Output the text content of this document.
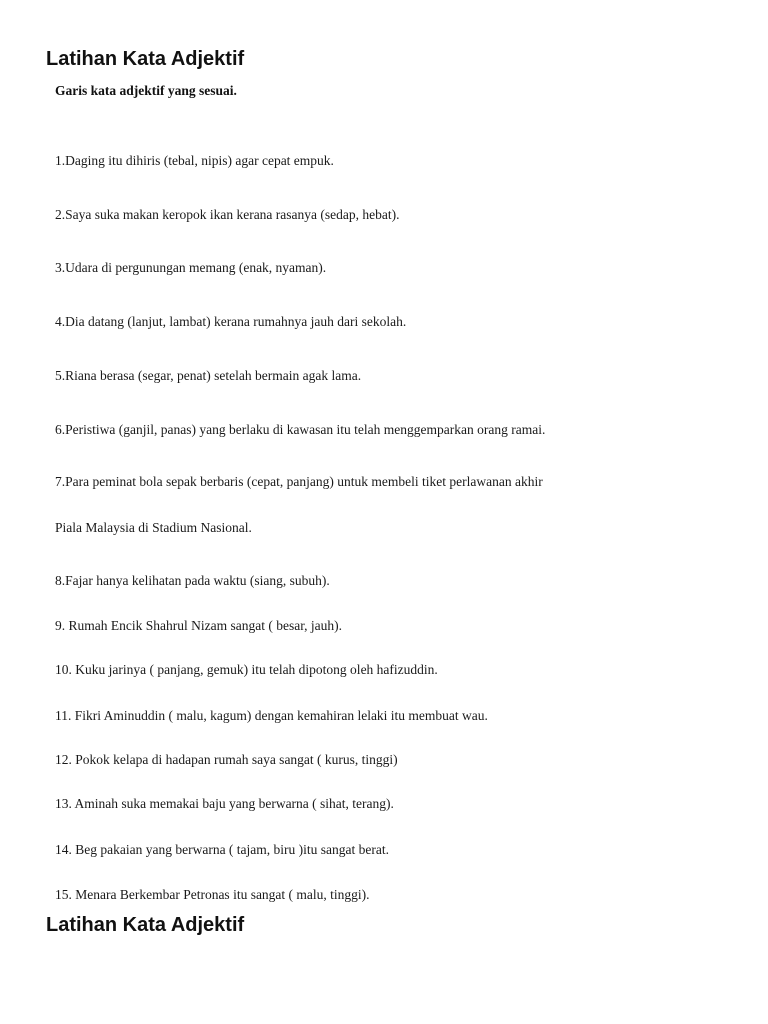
Latihan Kata Adjektif

Garis kata adjektif yang sesuai.

1.Daging itu dihiris (tebal, nipis) agar cepat empuk.

2.Saya suka makan keropok ikan kerana rasanya (sedap, hebat).

3.Udara di pergunungan memang (enak, nyaman).

4.Dia datang (lanjut, lambat) kerana rumahnya jauh dari sekolah.

5.Riana berasa (segar, penat) setelah bermain agak lama.

6.Peristiwa (ganjil, panas) yang berlaku di kawasan itu telah menggemparkan orang ramai.

7.Para peminat bola sepak berbaris (cepat, panjang) untuk membeli tiket perlawanan akhir

Piala Malaysia di Stadium Nasional.

8.Fajar hanya kelihatan pada waktu (siang, subuh).

9. Rumah Encik Shahrul Nizam sangat ( besar, jauh).

10. Kuku jarinya ( panjang, gemuk) itu telah dipotong oleh hafizuddin.

11. Fikri Aminuddin ( malu, kagum) dengan kemahiran lelaki itu membuat wau.

12. Pokok kelapa di hadapan rumah saya sangat ( kurus, tinggi)

13. Aminah suka memakai baju yang berwarna ( sihat, terang).

14. Beg pakaian yang berwarna ( tajam, biru )itu sangat berat.

15. Menara Berkembar Petronas itu sangat ( malu, tinggi).

Latihan Kata Adjektif
